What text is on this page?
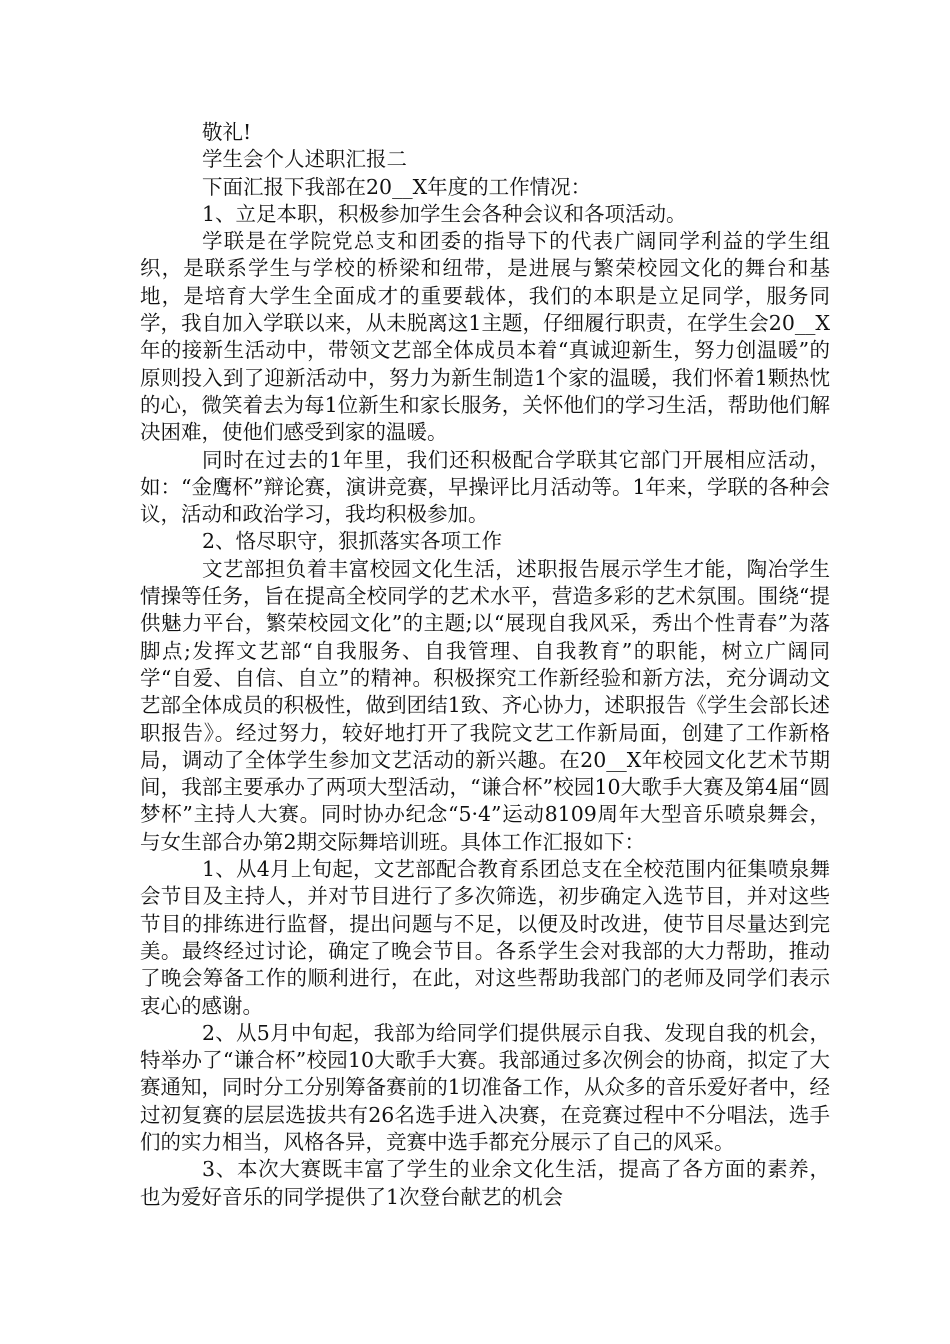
敬礼!

学生会个人述职汇报二

下面汇报下我部在20__X年度的工作情况：

1、立足本职，积极参加学生会各种会议和各项活动。

学联是在学院党总支和团委的指导下的代表广阔同学利益的学生组织，是联系学生与学校的桥梁和纽带，是进展与繁荣校园文化的舞台和基地，是培育大学生全面成才的重要载体，我们的本职是立足同学，服务同学，我自加入学联以来，从未脱离这1主题，仔细履行职责，在学生会20__X年的接新生活动中，带领文艺部全体成员本着“真诚迎新生，努力创温暖”的原则投入到了迎新活动中，努力为新生制造1个家的温暖，我们怀着1颗热忱的心，微笑着去为每1位新生和家长服务，关怀他们的学习生活，帮助他们解决困难，使他们感受到家的温暖。

同时在过去的1年里，我们还积极配合学联其它部门开展相应活动，如：“金鹰杯”辩论赛，演讲竞赛，早操评比月活动等。1年来，学联的各种会议，活动和政治学习，我均积极参加。

2、恪尽职守，狠抓落实各项工作

文艺部担负着丰富校园文化生活，述职报告展示学生才能，陶冶学生情操等任务，旨在提高全校同学的艺术水平，营造多彩的艺术氛围。围绕“提供魅力平台，繁荣校园文化”的主题;以“展现自我风采，秀出个性青春”为落脚点;发挥文艺部“自我服务、自我管理、自我教育”的职能，树立广阔同学“自爱、自信、自立”的精神。积极探究工作新经验和新方法，充分调动文艺部全体成员的积极性，做到团结1致、齐心协力，述职报告《学生会部长述职报告》。经过努力，较好地打开了我院文艺工作新局面，创建了工作新格局，调动了全体学生参加文艺活动的新兴趣。在20__X年校园文化艺术节期间，我部主要承办了两项大型活动，“谦合杯”校园10大歌手大赛及第4届“圆梦杯”主持人大赛。同时协办纪念“5·4”运动8109周年大型音乐喷泉舞会，与女生部合办第2期交际舞培训班。具体工作汇报如下：

1、从4月上旬起，文艺部配合教育系团总支在全校范围内征集喷泉舞会节目及主持人，并对节目进行了多次筛选，初步确定入选节目，并对这些节目的排练进行监督，提出问题与不足，以便及时改进，使节目尽量达到完美。最终经过讨论，确定了晚会节目。各系学生会对我部的大力帮助，推动了晚会筹备工作的顺利进行，在此，对这些帮助我部门的老师及同学们表示衷心的感谢。

2、从5月中旬起，我部为给同学们提供展示自我、发现自我的机会，特举办了“谦合杯”校园10大歌手大赛。我部通过多次例会的协商，拟定了大赛通知，同时分工分别筹备赛前的1切准备工作，从众多的音乐爱好者中，经过初复赛的层层选拔共有26名选手进入决赛，在竞赛过程中不分唱法，选手们的实力相当，风格各异，竞赛中选手都充分展示了自己的风采。

3、本次大赛既丰富了学生的业余文化生活，提高了各方面的素养，也为爱好音乐的同学提供了1次登台献艺的机会
